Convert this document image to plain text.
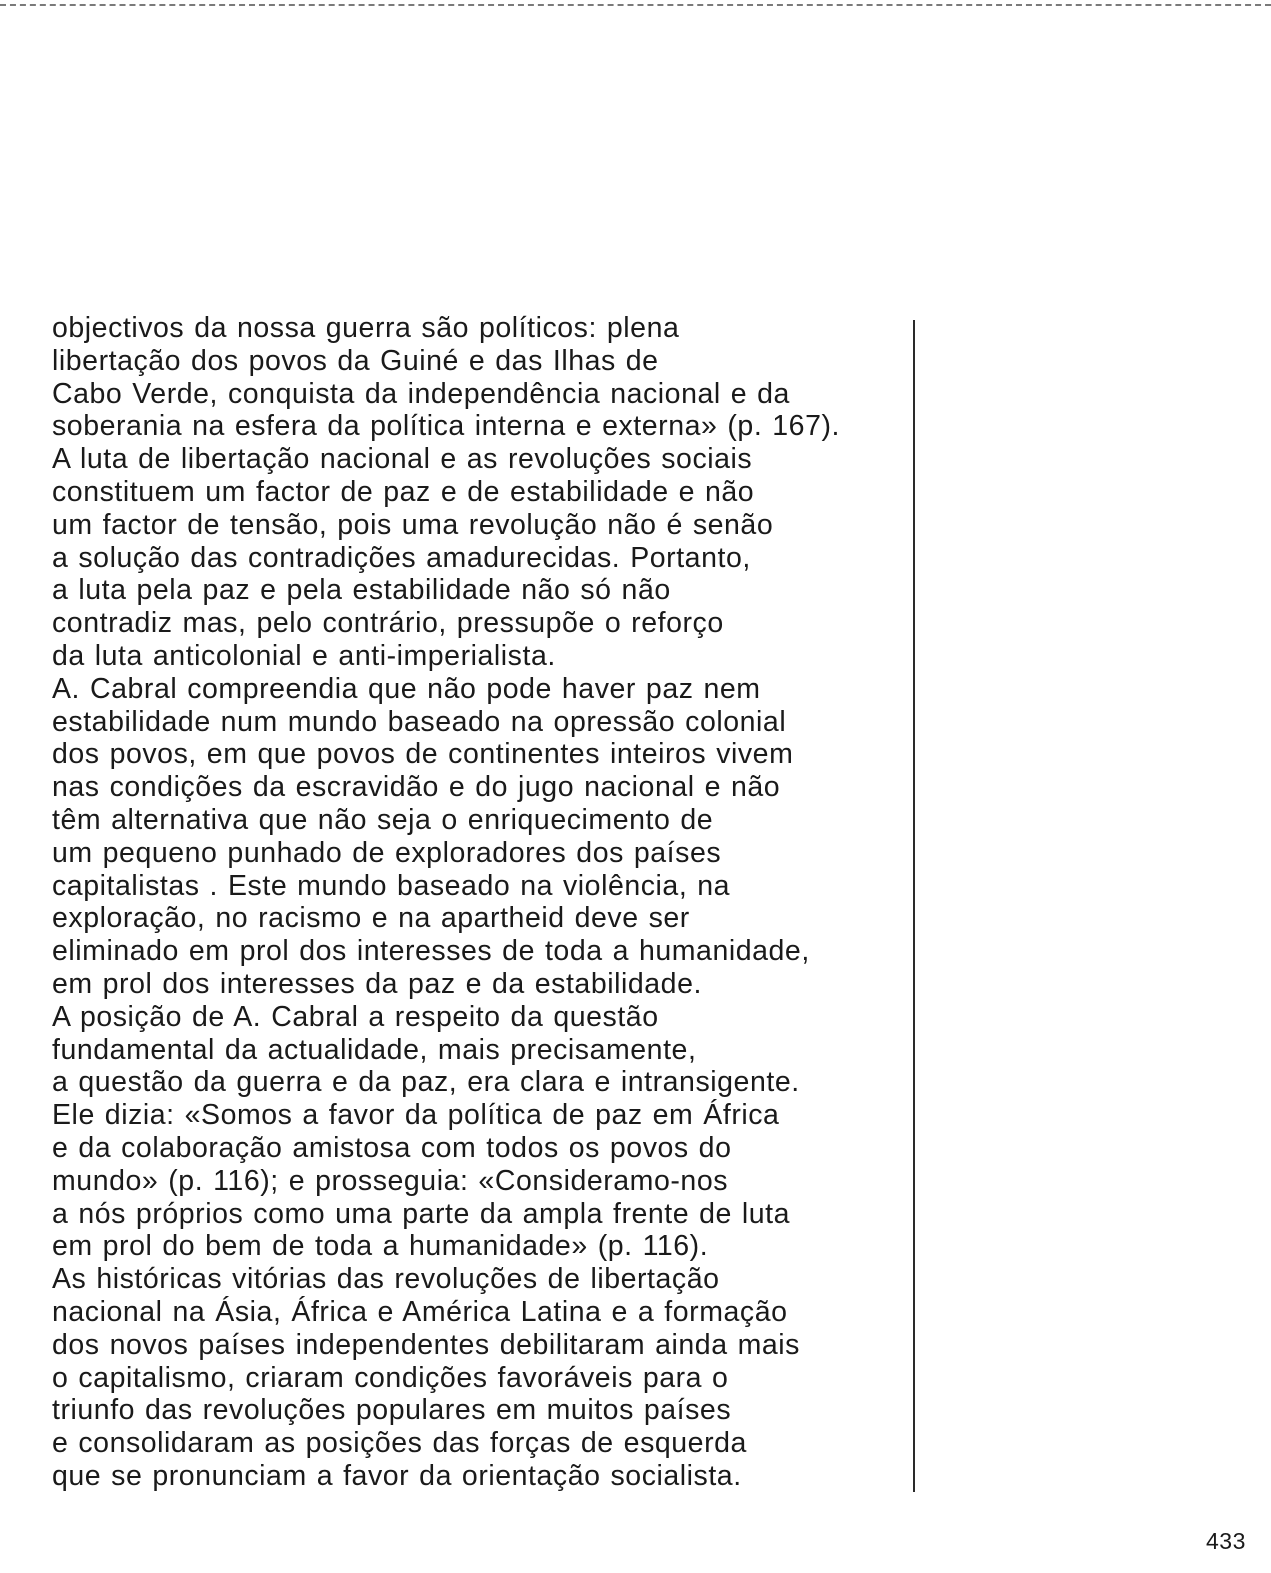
objectivos da nossa guerra são políticos: plena
libertação dos povos da Guiné e das Ilhas de
Cabo Verde, conquista da independência nacional e da
soberania na esfera da política interna e externa» (p. 167).
A luta de libertação nacional e as revoluções sociais
constituem um factor de paz e de estabilidade e não
um factor de tensão, pois uma revolução não é senão
a solução das contradições amadurecidas. Portanto,
a luta pela paz e pela estabilidade não só não
contradiz mas, pelo contrário, pressupõe o reforço
da luta anticolonial e anti-imperialista.
A. Cabral compreendia que não pode haver paz nem
estabilidade num mundo baseado na opressão colonial
dos povos, em que povos de continentes inteiros vivem
nas condições da escravidão e do jugo nacional e não
têm alternativa que não seja o enriquecimento de
um pequeno punhado de exploradores dos países
capitalistas . Este mundo baseado na violência, na
exploração, no racismo e na apartheid deve ser
eliminado em prol dos interesses de toda a humanidade,
em prol dos interesses da paz e da estabilidade.
A posição de A. Cabral a respeito da questão
fundamental da actualidade, mais precisamente,
a questão da guerra e da paz, era clara e intransigente.
Ele dizia: «Somos a favor da política de paz em África
e da colaboração amistosa com todos os povos do
mundo» (p. 116); e prosseguia: «Consideramo-nos
a nós próprios como uma parte da ampla frente de luta
em prol do bem de toda a humanidade» (p. 116).
As históricas vitórias das revoluções de libertação
nacional na Ásia, África e América Latina e a formação
dos novos países independentes debilitaram ainda mais
o capitalismo, criaram condições favoráveis para o
triunfo das revoluções populares em muitos países
e consolidaram as posições das forças de esquerda
que se pronunciam a favor da orientação socialista.
433
